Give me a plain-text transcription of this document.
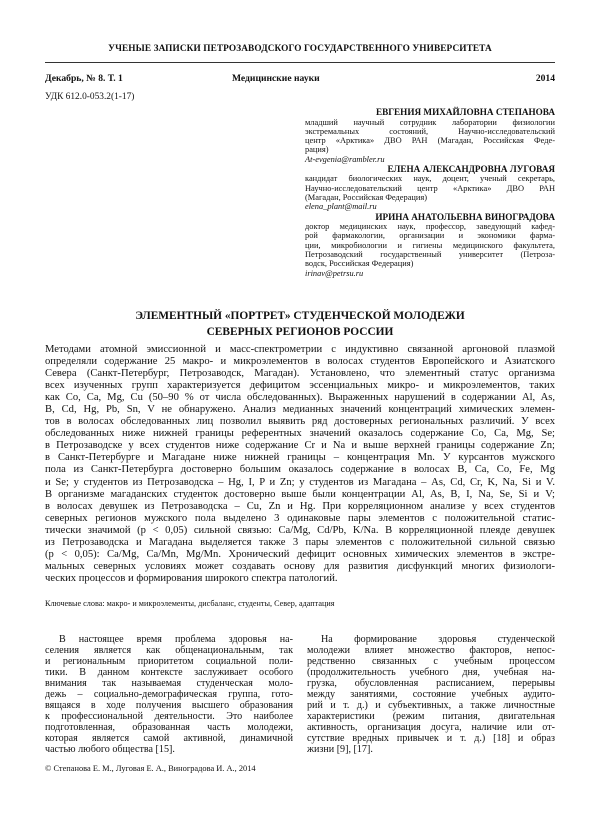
УЧЕНЫЕ ЗАПИСКИ ПЕТРОЗАВОДСКОГО ГОСУДАРСТВЕННОГО УНИВЕРСИТЕТА
Декабрь, № 8. Т. 1	Медицинские науки	2014
УДК 612.0-053.2(1-17)
ЕВГЕНИЯ МИХАЙЛОВНА СТЕПАНОВА
младший научный сотрудник лаборатории физиологии
экстремальных состояний, Научно-исследовательский
центр «Арктика» ДВО РАН (Магадан, Российская Феде-
рация)
At-evgenia@rambler.ru
ЕЛЕНА АЛЕКСАНДРОВНА ЛУГОВАЯ
кандидат биологических наук, доцент, ученый секретарь,
Научно-исследовательский центр «Арктика» ДВО РАН
(Магадан, Российская Федерация)
elena_plant@mail.ru
ИРИНА АНАТОЛЬЕВНА ВИНОГРАДОВА
доктор медицинских наук, профессор, заведующий кафед-
рой фармакологии, организации и экономики фарма-
ции, микробиологии и гигиены медицинского факультета,
Петрозаводский государственный университет (Петроза-
водск, Российская Федерация)
irinav@petrsu.ru
ЭЛЕМЕНТНЫЙ «ПОРТРЕТ» СТУДЕНЧЕСКОЙ МОЛОДЕЖИ
СЕВЕРНЫХ РЕГИОНОВ РОССИИ
Методами атомной эмиссионной и масс-спектрометрии с индуктивно связанной аргоновой плазмой
определяли содержание 25 макро- и микроэлементов в волосах студентов Европейского и Азиатского
Севера (Санкт-Петербург, Петрозаводск, Магадан). Установлено, что элементный статус организма
всех изученных групп характеризуется дефицитом эссенциальных микро- и микроэлементов, таких
как Co, Ca, Mg, Cu (50–90 % от числа обследованных). Выраженных нарушений в содержании Al, As,
B, Cd, Hg, Pb, Sn, V не обнаружено. Анализ медианных значений концентраций химических элемен-
тов в волосах обследованных лиц позволил выявить ряд достоверных региональных различий. У всех
обследованных ниже нижней границы референтных значений оказалось содержание Co, Ca, Mg, Se;
в Петрозаводске у всех студентов ниже содержание Cr и Na и выше верхней границы содержание Zn;
в Санкт-Петербурге и Магадане ниже нижней границы – концентрация Mn. У курсантов мужского
пола из Санкт-Петербурга достоверно большим оказалось содержание в волосах B, Ca, Co, Fe, Mg
и Se; у студентов из Петрозаводска – Hg, I, P и Zn; у студентов из Магадана – As, Cd, Cr, K, Na, Si и V.
В организме магаданских студенток достоверно выше были концентрации Al, As, B, I, Na, Se, Si и V;
в волосах девушек из Петрозаводска – Cu, Zn и Hg. При корреляционном анализе у всех студентов
северных регионов мужского пола выделено 3 одинаковые пары элементов с положительной статис-
тически значимой (p < 0,05) сильной связью: Ca/Mg, Cd/Pb, K/Na. В корреляционной плеяде девушек
из Петрозаводска и Магадана выделяется также 3 пары элементов с положительной сильной связью
(p < 0,05): Ca/Mg, Ca/Mn, Mg/Mn. Хронический дефицит основных химических элементов в экстре-
мальных северных условиях может создавать основу для развития дисфункций многих физиологи-
ческих процессов и формирования широкого спектра патологий.
Ключевые слова: макро- и микроэлементы, дисбаланс, студенты, Север, адаптация
В настоящее время проблема здоровья на-
селения является как общенациональным, так
и региональным приоритетом социальной поли-
тики. В данном контексте заслуживает особого
внимания так называемая студенческая моло-
дежь – социально-демографическая группа, гото-
вящаяся в ходе получения высшего образования
к профессиональной деятельности. Это наиболее
подготовленная, образованная часть молодежи,
которая является самой активной, динамичной
частью любого общества [15].
На формирование здоровья студенческой
молодежи влияет множество факторов, непос-
редственно связанных с учебным процессом
(продолжительность учебного дня, учебная на-
грузка, обусловленная расписанием, перерывы
между занятиями, состояние учебных аудито-
рий и т. д.) и субъективных, а также личностные
характеристики (режим питания, двигательная
активность, организация досуга, наличие или от-
сутствие вредных привычек и т. д.) [18] и образ
жизни [9], [17].
© Степанова Е. М., Луговая Е. А., Виноградова И. А., 2014
